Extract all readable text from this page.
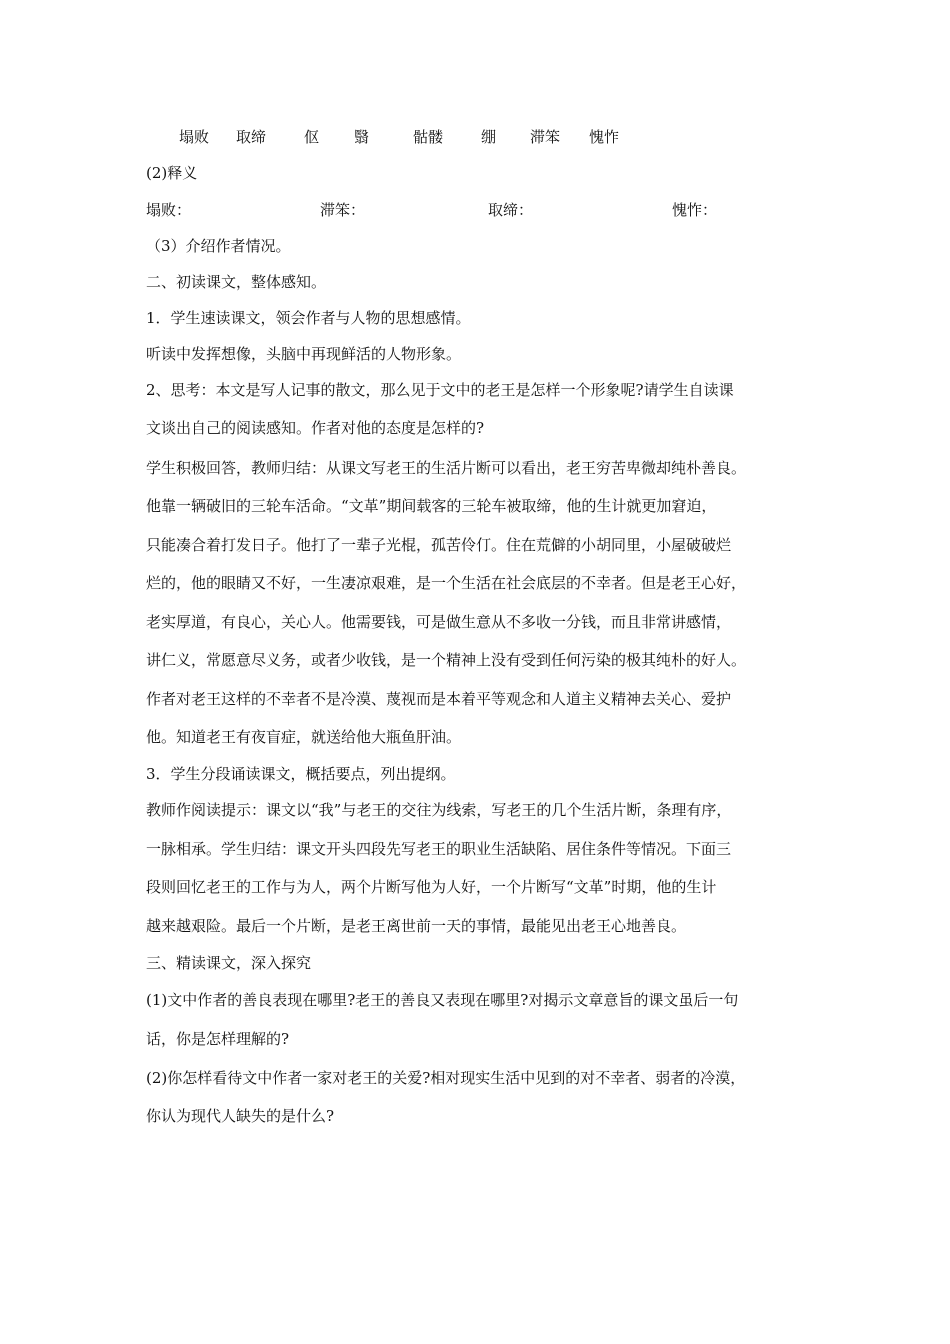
塌败 取缔	伛 翳	骷髅	绷 滞笨 愧怍
(2)释义
塌败：	滞笨：	取缔：	愧怍：
（3）介绍作者情况。
二、初读课文，整体感知。
1．学生速读课文，领会作者与人物的思想感情。
听读中发挥想像，头脑中再现鲜活的人物形象。
2、思考：本文是写人记事的散文，那么见于文中的老王是怎样一个形象呢?请学生自读课
文谈出自己的阅读感知。作者对他的态度是怎样的?
学生积极回答，教师归结：从课文写老王的生活片断可以看出，老王穷苦卑微却纯朴善良。
他靠一辆破旧的三轮车活命。“文革”期间载客的三轮车被取缔，他的生计就更加窘迫，
只能凑合着打发日子。他打了一辈子光棍，孤苦伶仃。住在荒僻的小胡同里，小屋破破烂
烂的，他的眼睛又不好，一生凄凉艰难，是一个生活在社会底层的不幸者。但是老王心好，
老实厚道，有良心，关心人。他需要钱，可是做生意从不多收一分钱，而且非常讲感情，
讲仁义，常愿意尽义务，或者少收钱，是一个精神上没有受到任何污染的极其纯朴的好人。
作者对老王这样的不幸者不是冷漠、蔑视而是本着平等观念和人道主义精神去关心、爱护
他。知道老王有夜盲症，就送给他大瓶鱼肝油。
3．学生分段诵读课文，概括要点，列出提纲。
教师作阅读提示：课文以“我”与老王的交往为线索，写老王的几个生活片断，条理有序，
一脉相承。学生归结：课文开头四段先写老王的职业生活缺陷、居住条件等情况。下面三
段则回忆老王的工作与为人，两个片断写他为人好，一个片断写“文革”时期，他的生计
越来越艰险。最后一个片断，是老王离世前一天的事情，最能见出老王心地善良。
三、精读课文，深入探究
(1)文中作者的善良表现在哪里?老王的善良又表现在哪里?对揭示文章意旨的课文虽后一句
话，你是怎样理解的?
(2)你怎样看待文中作者一家对老王的关爱?相对现实生活中见到的对不幸者、弱者的冷漠，
你认为现代人缺失的是什么?
